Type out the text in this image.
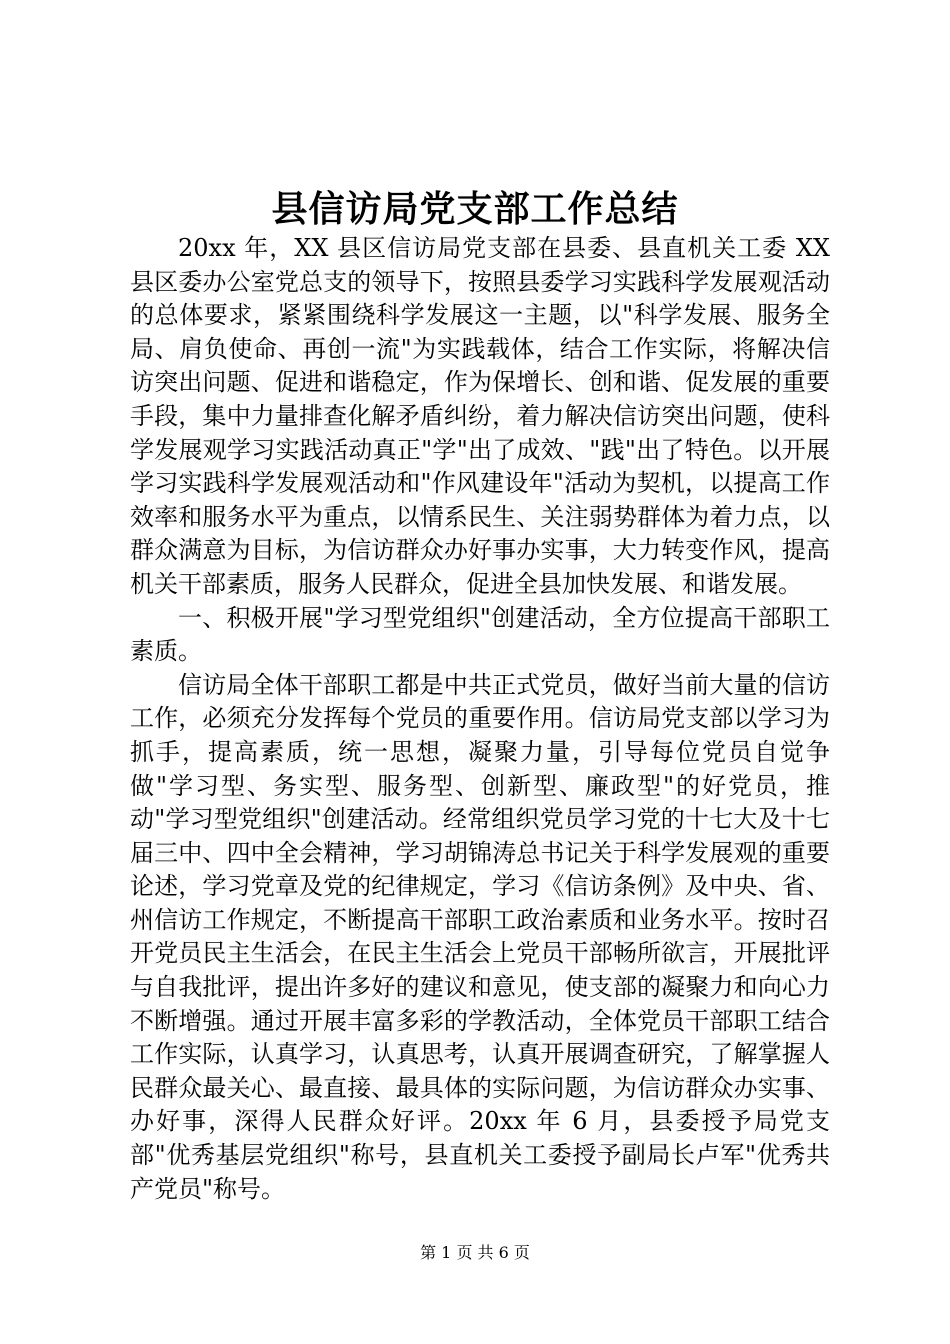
县信访局党支部工作总结

20xx 年，XX 县区信访局党支部在县委、县直机关工委 XX 县区委办公室党总支的领导下，按照县委学习实践科学发展观活动的总体要求，紧紧围绕科学发展这一主题，以"科学发展、服务全局、肩负使命、再创一流"为实践载体，结合工作实际，将解决信访突出问题、促进和谐稳定，作为保增长、创和谐、促发展的重要手段，集中力量排查化解矛盾纠纷，着力解决信访突出问题，使科学发展观学习实践活动真正"学"出了成效、"践"出了特色。以开展学习实践科学发展观活动和"作风建设年"活动为契机，以提高工作效率和服务水平为重点，以情系民生、关注弱势群体为着力点，以群众满意为目标，为信访群众办好事办实事，大力转变作风，提高机关干部素质，服务人民群众，促进全县加快发展、和谐发展。

一、积极开展"学习型党组织"创建活动，全方位提高干部职工素质。

信访局全体干部职工都是中共正式党员，做好当前大量的信访工作，必须充分发挥每个党员的重要作用。信访局党支部以学习为抓手，提高素质，统一思想，凝聚力量，引导每位党员自觉争做"学习型、务实型、服务型、创新型、廉政型"的好党员，推动"学习型党组织"创建活动。经常组织党员学习党的十七大及十七届三中、四中全会精神，学习胡锦涛总书记关于科学发展观的重要论述，学习党章及党的纪律规定，学习《信访条例》及中央、省、州信访工作规定，不断提高干部职工政治素质和业务水平。按时召开党员民主生活会，在民主生活会上党员干部畅所欲言，开展批评与自我批评，提出许多好的建议和意见，使支部的凝聚力和向心力不断增强。通过开展丰富多彩的学教活动，全体党员干部职工结合工作实际，认真学习，认真思考，认真开展调查研究，了解掌握人民群众最关心、最直接、最具体的实际问题，为信访群众办实事、办好事，深得人民群众好评。20xx 年 6 月，县委授予局党支部"优秀基层党组织"称号，县直机关工委授予副局长卢军"优秀共产党员"称号。

第 1 页 共 6 页
